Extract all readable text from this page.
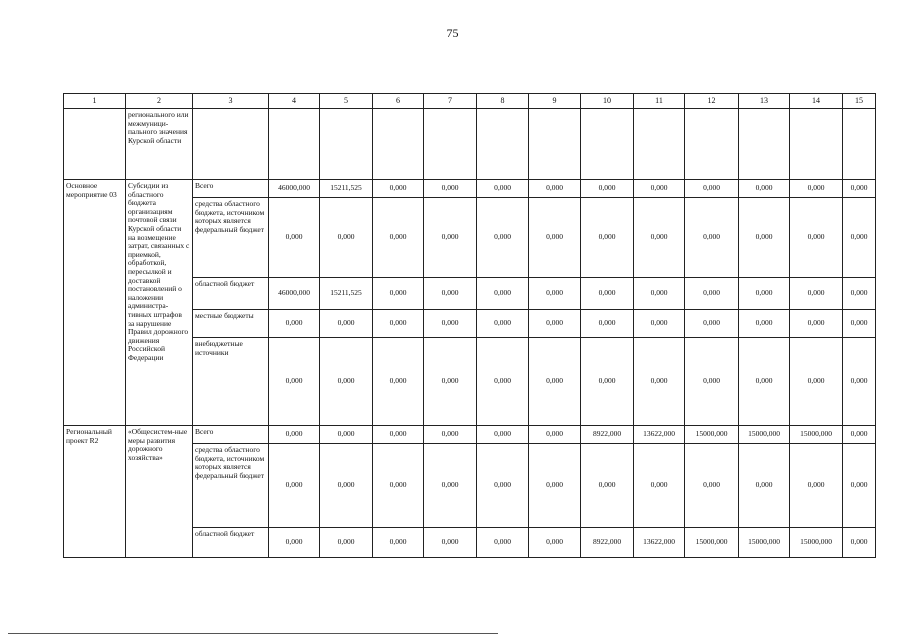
75
1	2	3	4	5	6	7	8	9	10	11	12	13	14	15
	регионального или межмуници-пального значения Курской области													
Основное мероприятие 03	Субсидии из областного бюджета организациям почтовой связи Курской области на возмещение затрат, связанных с приемкой, обработкой, пересылкой и доставкой постановлений о наложении администра-тивных штрафов за нарушение Правил дорожного движения Российской Федерации	Всего	46000,000	15211,525	0,000	0,000	0,000	0,000	0,000	0,000	0,000	0,000	0,000	0,000
		средства областного бюджета, источником которых является федеральный бюджет	0,000	0,000	0,000	0,000	0,000	0,000	0,000	0,000	0,000	0,000	0,000	0,000
		областной бюджет	46000,000	15211,525	0,000	0,000	0,000	0,000	0,000	0,000	0,000	0,000	0,000	0,000
		местные бюджеты	0,000	0,000	0,000	0,000	0,000	0,000	0,000	0,000	0,000	0,000	0,000	0,000
		внебюджетные источники	0,000	0,000	0,000	0,000	0,000	0,000	0,000	0,000	0,000	0,000	0,000	0,000
Региональный проект R2	«Общесистем-ные меры развития дорожного хозяйства»	Всего	0,000	0,000	0,000	0,000	0,000	0,000	8922,000	13622,000	15000,000	15000,000	15000,000	0,000
		средства областного бюджета, источником которых является федеральный бюджет	0,000	0,000	0,000	0,000	0,000	0,000	0,000	0,000	0,000	0,000	0,000	0,000
		областной бюджет	0,000	0,000	0,000	0,000	0,000	0,000	8922,000	13622,000	15000,000	15000,000	15000,000	0,000
